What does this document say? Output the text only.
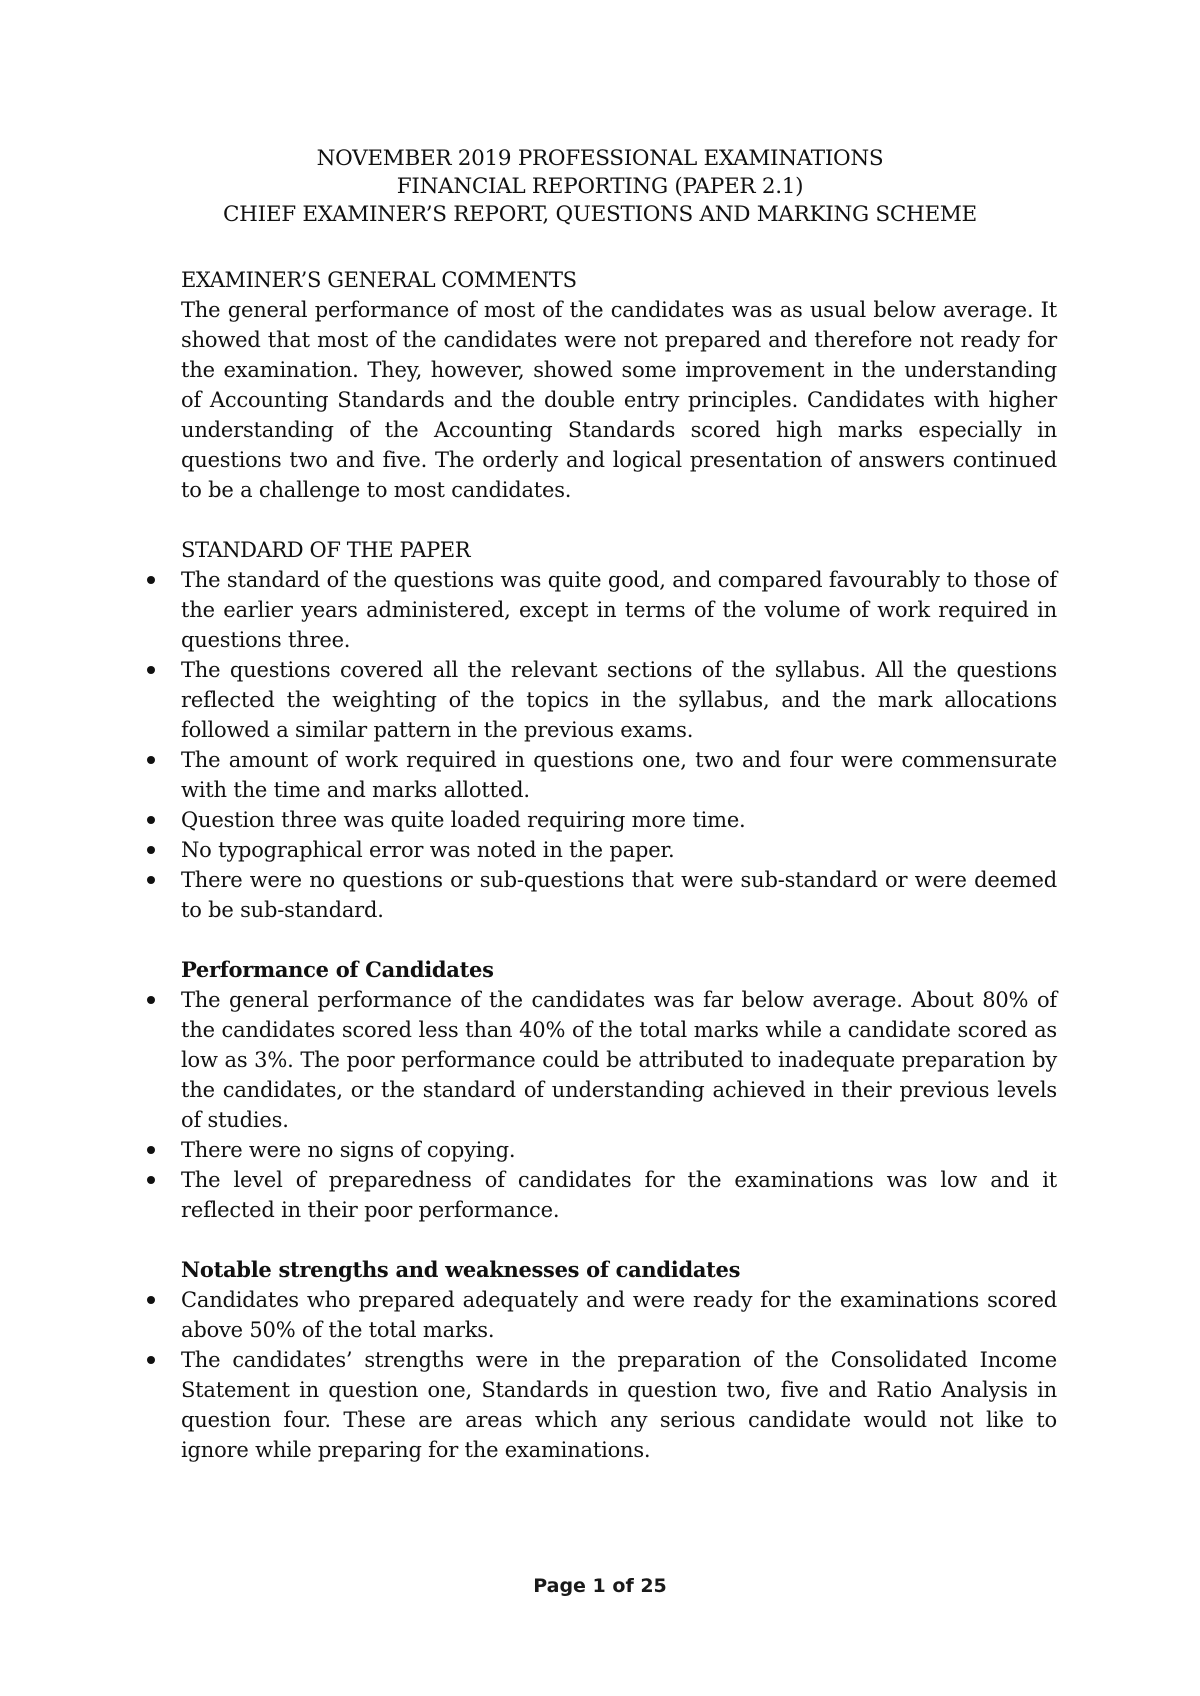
NOVEMBER 2019 PROFESSIONAL EXAMINATIONS
FINANCIAL REPORTING (PAPER 2.1)
CHIEF EXAMINER’S REPORT, QUESTIONS AND MARKING SCHEME
EXAMINER’S GENERAL COMMENTS

The general performance of most of the candidates was as usual below average. It showed that most of the candidates were not prepared and therefore not ready for the examination. They, however, showed some improvement in the understanding of Accounting Standards and the double entry principles. Candidates with higher understanding of the Accounting Standards scored high marks especially in questions two and five. The orderly and logical presentation of answers continued to be a challenge to most candidates.

STANDARD OF THE PAPER
The standard of the questions was quite good, and compared favourably to those of the earlier years administered, except in terms of the volume of work required in questions three.
The questions covered all the relevant sections of the syllabus. All the questions reflected the weighting of the topics in the syllabus, and the mark allocations followed a similar pattern in the previous exams.
The amount of work required in questions one, two and four were commensurate with the time and marks allotted.
Question three was quite loaded requiring more time.
No typographical error was noted in the paper.
There were no questions or sub-questions that were sub-standard or were deemed to be sub-standard.
Performance of Candidates
The general performance of the candidates was far below average. About 80% of the candidates scored less than 40% of the total marks while a candidate scored as low as 3%. The poor performance could be attributed to inadequate preparation by the candidates, or the standard of understanding achieved in their previous levels of studies.
There were no signs of copying.
The level of preparedness of candidates for the examinations was low and it reflected in their poor performance.
Notable strengths and weaknesses of candidates
Candidates who prepared adequately and were ready for the examinations scored above 50% of the total marks.
The candidates’ strengths were in the preparation of the Consolidated Income Statement in question one, Standards in question two, five and Ratio Analysis in question four. These are areas which any serious candidate would not like to ignore while preparing for the examinations.
Page 1 of 25
